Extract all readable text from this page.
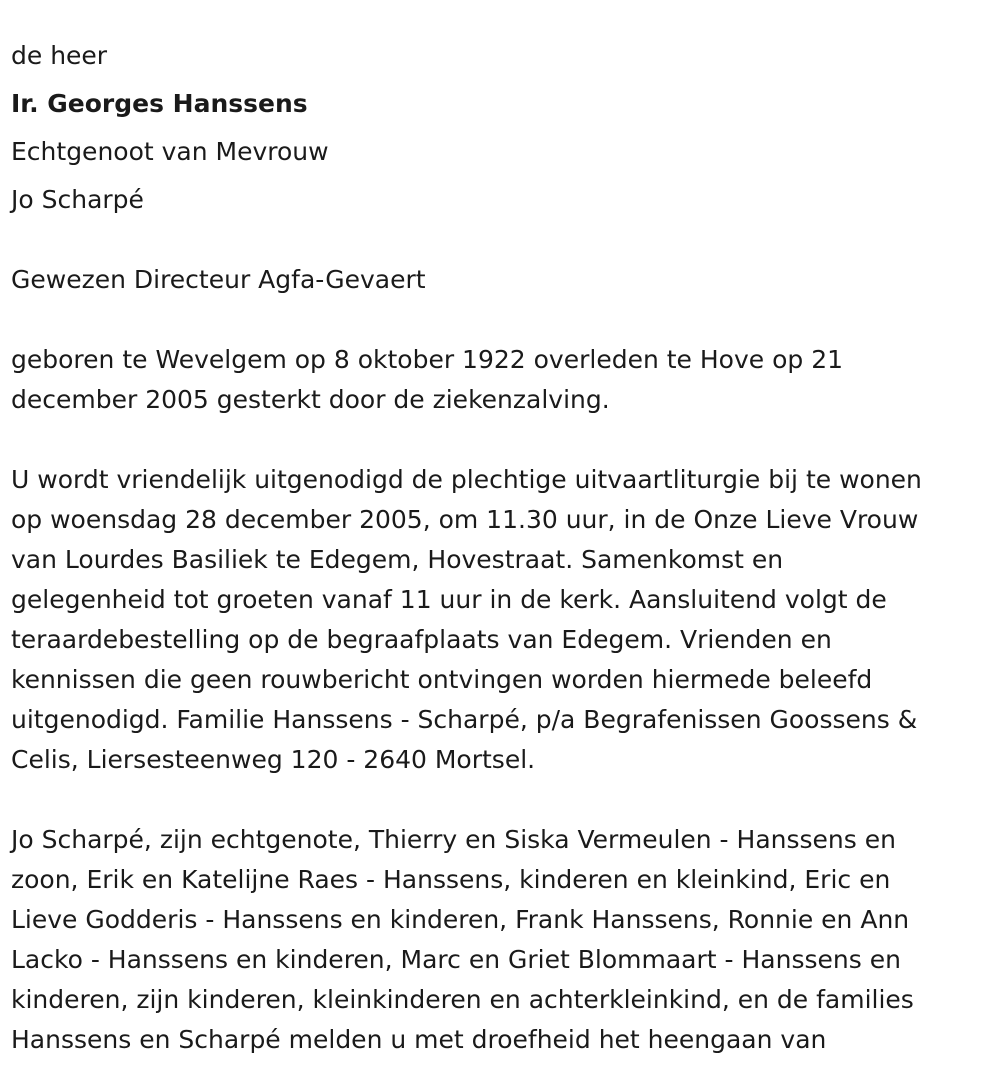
de heer
Ir. Georges Hanssens
Echtgenoot van Mevrouw
Jo Scharpé
Gewezen Directeur Agfa-Gevaert
geboren te Wevelgem op 8 oktober 1922 overleden te Hove op 21
december 2005 gesterkt door de ziekenzalving.
U wordt vriendelijk uitgenodigd de plechtige uitvaartliturgie bij te wonen
op woensdag 28 december 2005, om 11.30 uur, in de Onze Lieve Vrouw
van Lourdes Basiliek te Edegem, Hovestraat. Samenkomst en
gelegenheid tot groeten vanaf 11 uur in de kerk. Aansluitend volgt de
teraardebestelling op de begraafplaats van Edegem. Vrienden en
kennissen die geen rouwbericht ontvingen worden hiermede beleefd
uitgenodigd. Familie Hanssens - Scharpé, p/a Begrafenissen Goossens &
Celis, Liersesteenweg 120 - 2640 Mortsel.
Jo Scharpé, zijn echtgenote, Thierry en Siska Vermeulen - Hanssens en
zoon, Erik en Katelijne Raes - Hanssens, kinderen en kleinkind, Eric en
Lieve Godderis - Hanssens en kinderen, Frank Hanssens, Ronnie en Ann
Lacko - Hanssens en kinderen, Marc en Griet Blommaart - Hanssens en
kinderen, zijn kinderen, kleinkinderen en achterkleinkind, en de families
Hanssens en Scharpé melden u met droefheid het heengaan van
